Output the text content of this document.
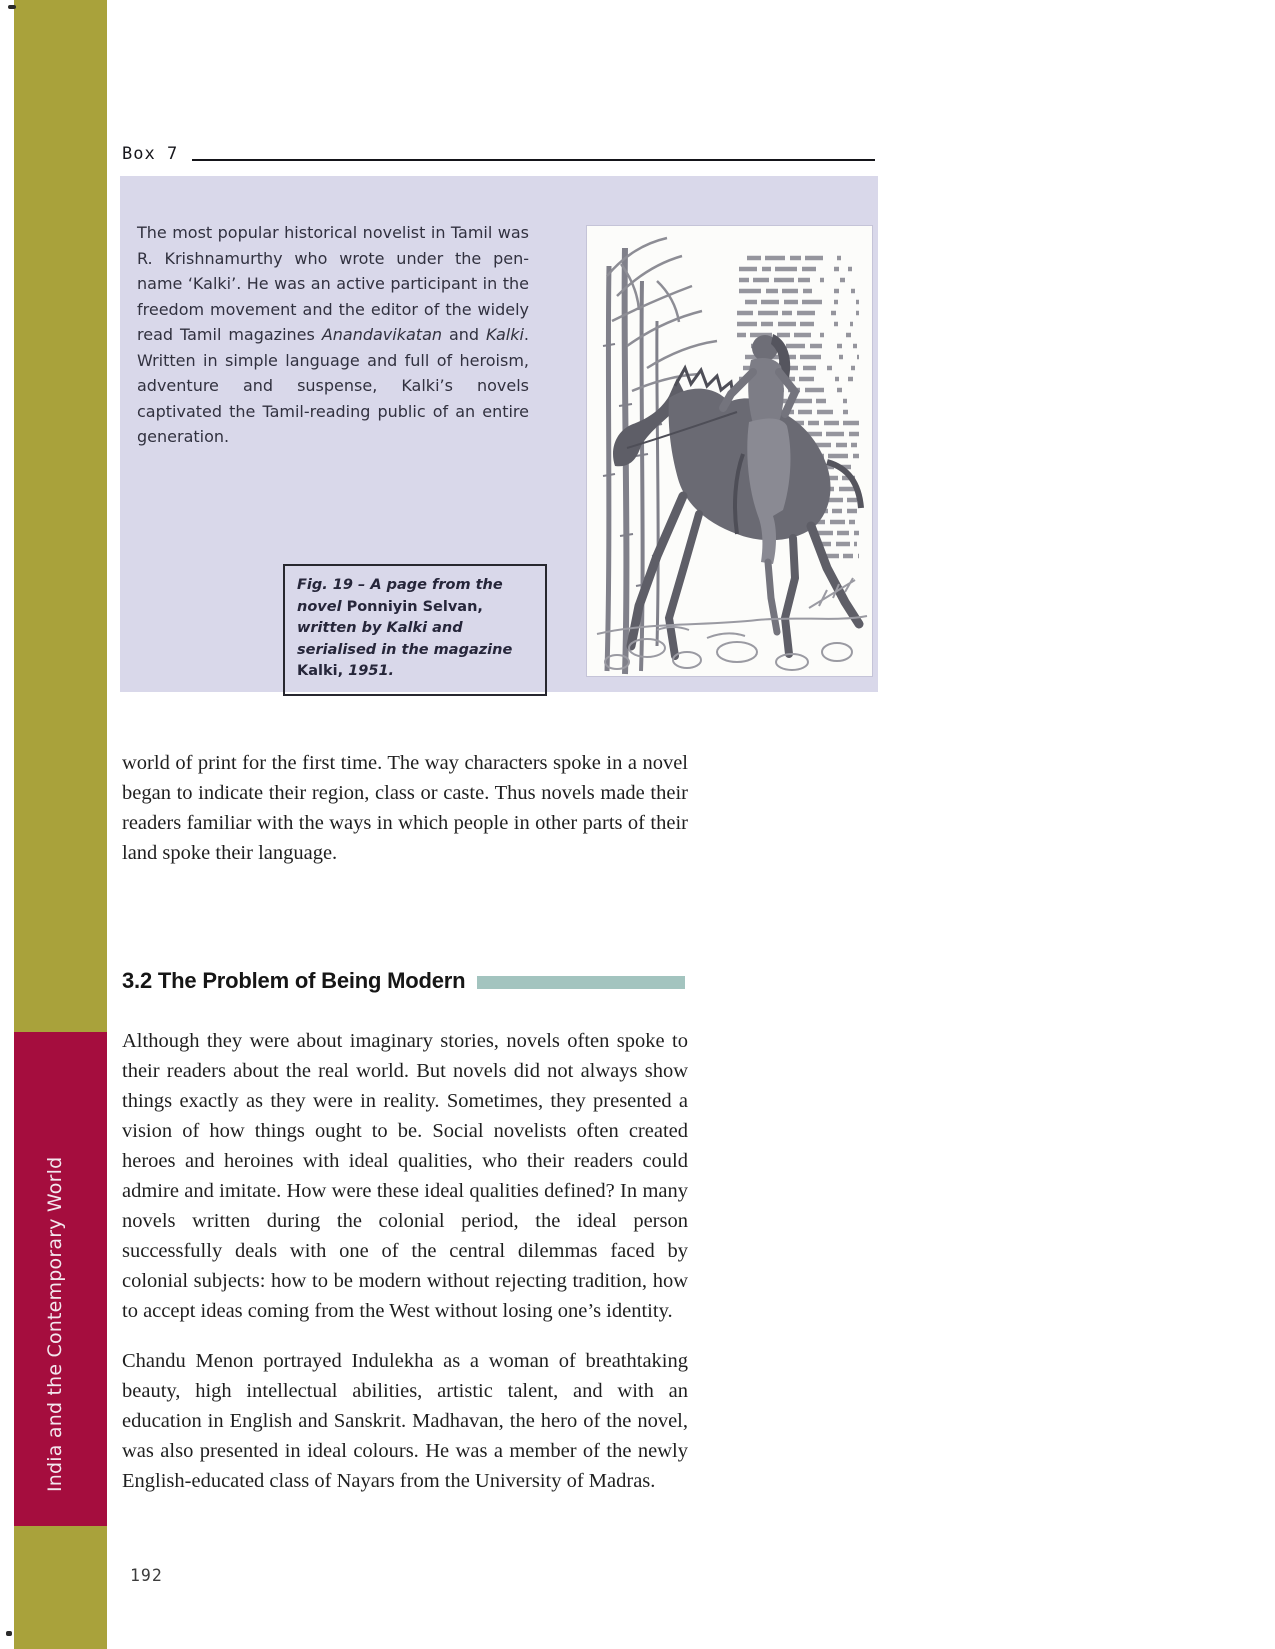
India and the Contemporary World
Box 7

The most popular historical novelist in Tamil was R. Krishnamurthy who wrote under the pen-name ‘Kalki’. He was an active participant in the freedom movement and the editor of the widely read Tamil magazines Anandavikatan and Kalki. Written in simple language and full of heroism, adventure and suspense, Kalki’s novels captivated the Tamil-reading public of an entire generation.

Fig. 19 – A page from the novel Ponniyin Selvan, written by Kalki and serialised in the magazine Kalki, 1951.

world of print for the first time. The way characters spoke in a novel began to indicate their region, class or caste. Thus novels made their readers familiar with the ways in which people in other parts of their land spoke their language.

3.2 The Problem of Being Modern

Although they were about imaginary stories, novels often spoke to their readers about the real world. But novels did not always show things exactly as they were in reality. Sometimes, they presented a vision of how things ought to be. Social novelists often created heroes and heroines with ideal qualities, who their readers could admire and imitate. How were these ideal qualities defined? In many novels written during the colonial period, the ideal person successfully deals with one of the central dilemmas faced by colonial subjects: how to be modern without rejecting tradition, how to accept ideas coming from the West without losing one’s identity.

Chandu Menon portrayed Indulekha as a woman of breathtaking beauty, high intellectual abilities, artistic talent, and with an education in English and Sanskrit. Madhavan, the hero of the novel, was also presented in ideal colours. He was a member of the newly English-educated class of Nayars from the University of Madras.

192
